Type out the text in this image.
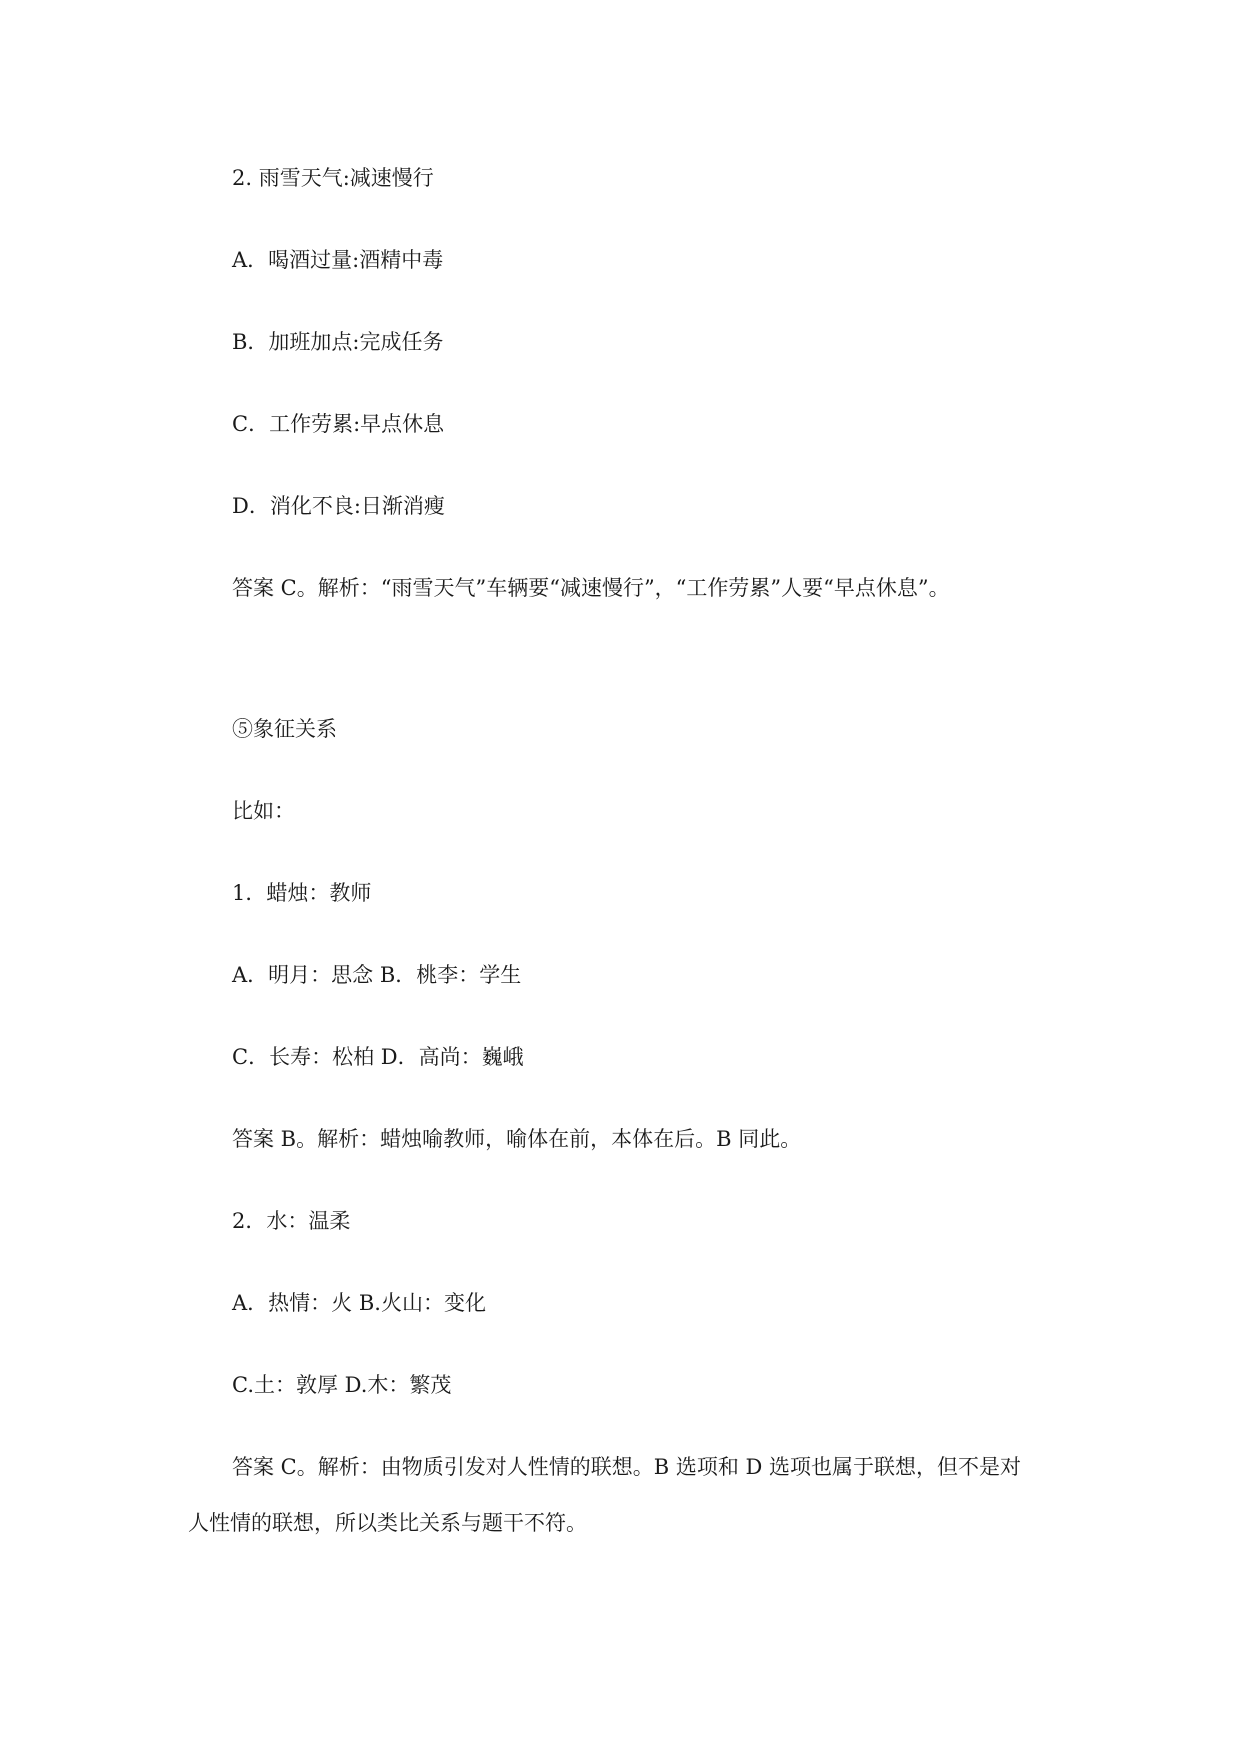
2. 雨雪天气:减速慢行
A．喝酒过量:酒精中毒
B．加班加点:完成任务
C．工作劳累:早点休息
D．消化不良:日渐消瘦
答案 C。解析：“雨雪天气”车辆要“减速慢行”，“工作劳累”人要“早点休息”。
⑤象征关系
比如：
1．蜡烛：教师
A．明月：思念 B．桃李：学生
C．长寿：松柏 D．高尚：巍峨
答案 B。解析：蜡烛喻教师，喻体在前，本体在后。B 同此。
2．水：温柔
A．热情：火 B.火山：变化
C.土：敦厚 D.木：繁茂
答案 C。解析：由物质引发对人性情的联想。B 选项和 D 选项也属于联想，但不是对
人性情的联想，所以类比关系与题干不符。
